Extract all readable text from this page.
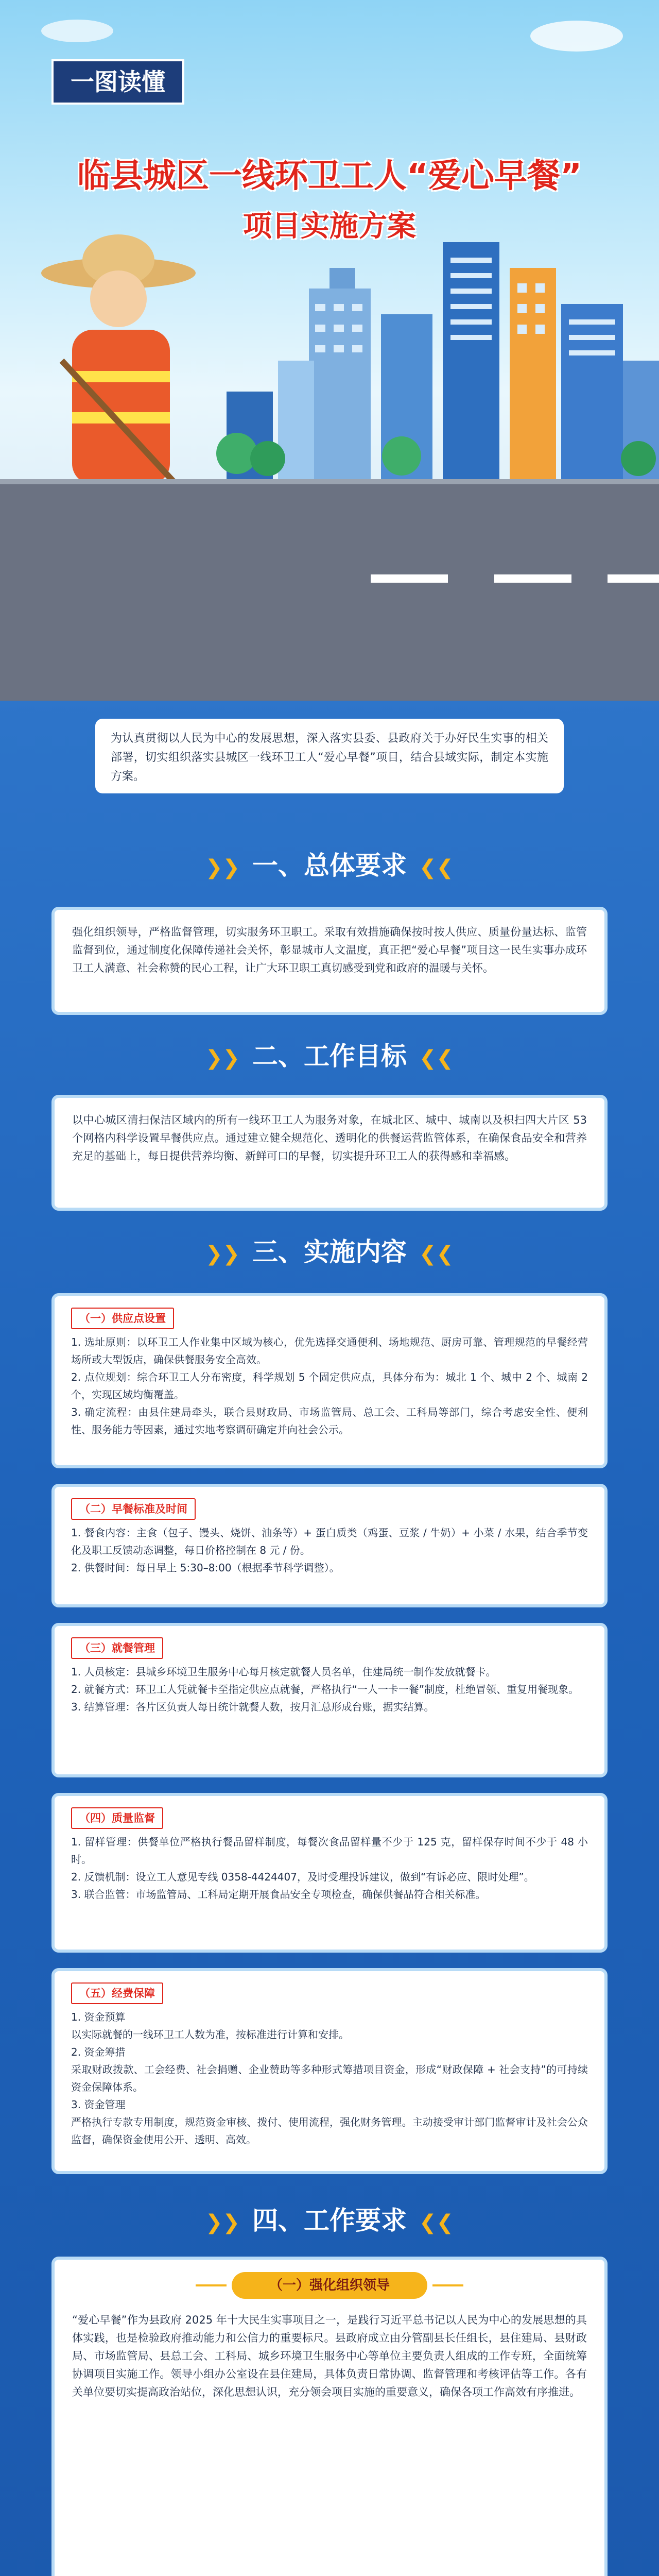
一图读懂
临县城区一线环卫工人“爱心早餐”
项目实施方案
为认真贯彻以人民为中心的发展思想，深入落实县委、县政府关于办好民生实事的相关部署，切实组织落实县城区一线环卫工人“爱心早餐”项目，结合县域实际，制定本实施方案。
❯❯ 一、总体要求 ❮❮
强化组织领导，严格监督管理，切实服务环卫职工。采取有效措施确保按时按人供应、质量份量达标、监管监督到位，通过制度化保障传递社会关怀，彰显城市人文温度，真正把“爱心早餐”项目这一民生实事办成环卫工人满意、社会称赞的民心工程，让广大环卫职工真切感受到党和政府的温暖与关怀。
❯❯ 二、工作目标 ❮❮
以中心城区清扫保洁区域内的所有一线环卫工人为服务对象，在城北区、城中、城南以及枳扫四大片区 53 个网格内科学设置早餐供应点。通过建立健全规范化、透明化的供餐运营监管体系，在确保食品安全和营养充足的基础上，每日提供营养均衡、新鲜可口的早餐，切实提升环卫工人的获得感和幸福感。
❯❯ 三、实施内容 ❮❮
（一）供应点设置

1. 选址原则：以环卫工人作业集中区域为核心，优先选择交通便利、场地规范、厨房可靠、管理规范的早餐经营场所或大型饭店，确保供餐服务安全高效。

2. 点位规划：综合环卫工人分布密度，科学规划 5 个固定供应点，具体分布为：城北 1 个、城中 2 个、城南 2 个，实现区域均衡覆盖。

3. 确定流程：由县住建局牵头，联合县财政局、市场监管局、总工会、工科局等部门，综合考虑安全性、便利性、服务能力等因素，通过实地考察调研确定并向社会公示。

（二）早餐标准及时间

1. 餐食内容：主食（包子、馒头、烧饼、油条等）+ 蛋白质类（鸡蛋、豆浆 / 牛奶）+ 小菜 / 水果，结合季节变化及职工反馈动态调整，每日价格控制在 8 元 / 份。

2. 供餐时间：每日早上 5:30–8:00（根据季节科学调整）。

（三）就餐管理

1. 人员核定：县城乡环境卫生服务中心每月核定就餐人员名单，住建局统一制作发放就餐卡。

2. 就餐方式：环卫工人凭就餐卡至指定供应点就餐，严格执行“一人一卡一餐”制度，杜绝冒领、重复用餐现象。

3. 结算管理：各片区负责人每日统计就餐人数，按月汇总形成台账，据实结算。

（四）质量监督

1. 留样管理：供餐单位严格执行餐品留样制度，每餐次食品留样量不少于 125 克，留样保存时间不少于 48 小时。

2. 反馈机制：设立工人意见专线 0358-4424407，及时受理投诉建议，做到“有诉必应、限时处理”。

3. 联合监管：市场监管局、工科局定期开展食品安全专项检查，确保供餐品符合相关标准。

（五）经费保障

1. 资金预算

以实际就餐的一线环卫工人数为准，按标准进行计算和安排。

2. 资金筹措

采取财政拨款、工会经费、社会捐赠、企业赞助等多种形式筹措项目资金，形成“财政保障 + 社会支持”的可持续资金保障体系。

3. 资金管理

严格执行专款专用制度，规范资金审核、拨付、使用流程，强化财务管理。主动接受审计部门监督审计及社会公众监督，确保资金使用公开、透明、高效。

❯❯ 四、工作要求 ❮❮
“爱心早餐”作为县政府 2025 年十大民生实事项目之一，是践行习近平总书记以人民为中心的发展思想的具体实践，也是检验政府推动能力和公信力的重要标尺。县政府成立由分管副县长任组长，县住建局、县财政局、市场监管局、县总工会、工科局、城乡环境卫生服务中心等单位主要负责人组成的工作专班，全面统筹协调项目实施工作。领导小组办公室设在县住建局，具体负责日常协调、监督管理和考核评估等工作。各有关单位要切实提高政治站位，深化思想认识，充分领会项目实施的重要意义，确保各项工作高效有序推进。
（一）强化组织领导
